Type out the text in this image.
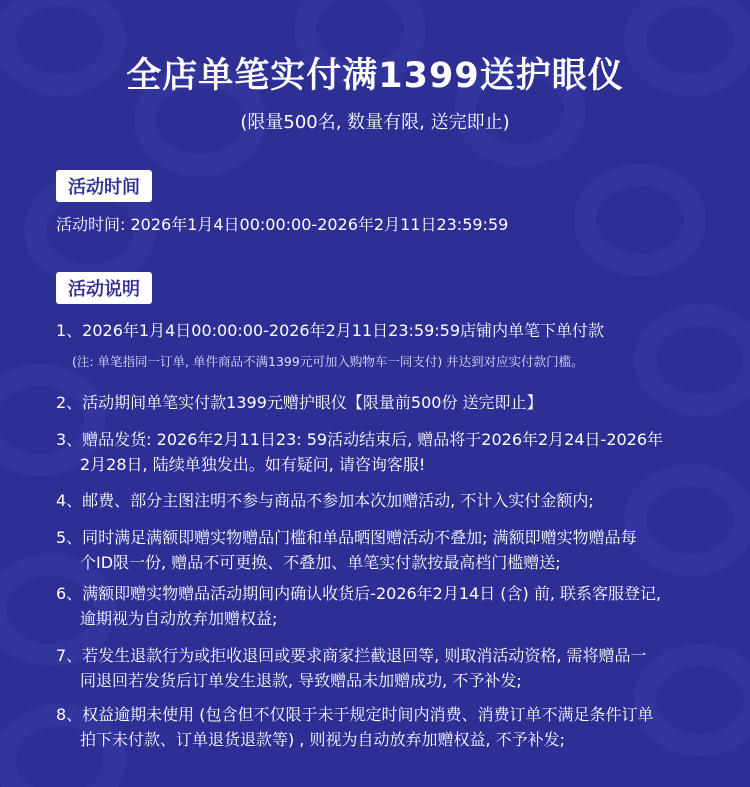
全店单笔实付满1399送护眼仪
(限量500名, 数量有限, 送完即止)
活动时间
活动时间: 2026年1月4日00:00:00-2026年2月11日23:59:59
活动说明
1、2026年1月4日00:00:00-2026年2月11日23:59:59店铺内单笔下单付款
(注: 单笔指同一订单, 单件商品不满1399元可加入购物车一同支付) 并达到对应实付款门槛。
2、活动期间单笔实付款1399元赠护眼仪【限量前500份 送完即止】
3、赠品发货: 2026年2月11日23: 59活动结束后, 赠品将于2026年2月24日-2026年
2月28日, 陆续单独发出。如有疑问, 请咨询客服!
4、邮费、部分主图注明不参与商品不参加本次加赠活动, 不计入实付金额内;
5、同时满足满额即赠实物赠品门槛和单品晒图赠活动不叠加; 满额即赠实物赠品每
个ID限一份, 赠品不可更换、不叠加、单笔实付款按最高档门槛赠送;
6、满额即赠实物赠品活动期间内确认收货后-2026年2月14日 (含) 前, 联系客服登记,
逾期视为自动放弃加赠权益;
7、若发生退款行为或拒收退回或要求商家拦截退回等, 则取消活动资格, 需将赠品一
同退回若发货后订单发生退款, 导致赠品未加赠成功, 不予补发;
8、权益逾期未使用 (包含但不仅限于未于规定时间内消费、消费订单不满足条件订单
拍下未付款、订单退货退款等) , 则视为自动放弃加赠权益, 不予补发;
